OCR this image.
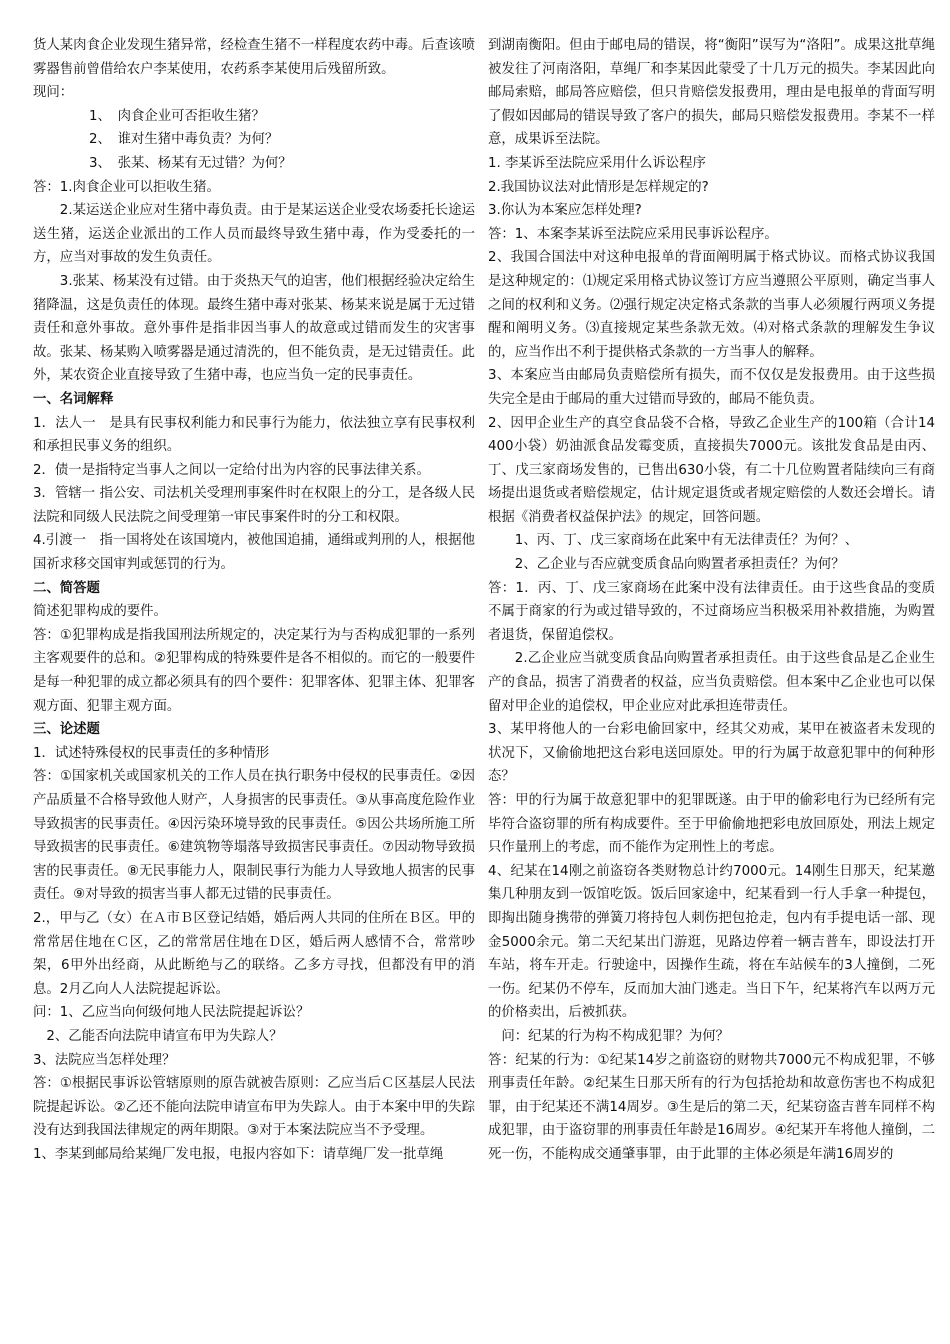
货人某肉食企业发现生猪异常，经检查生猪不一样程度农药中毒。后查该喷雾器售前曾借给农户李某使用，农药系李某使用后残留所致。

现问：

1、　肉食企业可否拒收生猪？

2、　谁对生猪中毒负责？为何？

3、　张某、杨某有无过错？为何？

答：1.肉食企业可以拒收生猪。

2.某运送企业应对生猪中毒负责。由于是某运送企业受农场委托长途运送生猪，运送企业派出的工作人员而最终导致生猪中毒，作为受委托的一方，应当对事故的发生负责任。

3.张某、杨某没有过错。由于炎热天气的迫害，他们根据经验决定给生猪降温，这是负责任的体现。最终生猪中毒对张某、杨某来说是属于无过错责任和意外事故。意外事件是指非因当事人的故意或过错而发生的灾害事故。张某、杨某购入喷雾器是通过清洗的，但不能负责，是无过错责任。此外，某农资企业直接导致了生猪中毒，也应当负一定的民事责任。

一、名词解释

1．法人一　是具有民事权利能力和民事行为能力，依法独立享有民事权利和承担民事义务的组织。

2．债一是指特定当事人之间以一定给付出为内容的民事法律关系。

3．管辖一 指公安、司法机关受理刑事案件时在权限上的分工，是各级人民法院和同级人民法院之间受理第一审民事案件时的分工和权限。

4.引渡一　指一国将处在该国境内，被他国追捕，通缉或判刑的人，根据他国祈求移交国审判或惩罚的行为。

二、简答题

简述犯罪构成的要件。

答：①犯罪构成是指我国刑法所规定的，决定某行为与否构成犯罪的一系列主客观要件的总和。②犯罪构成的特殊要件是各不相似的。而它的一般要件是每一种犯罪的成立都必须具有的四个要件：犯罪客体、犯罪主体、犯罪客观方面、犯罪主观方面。

三、论述题

1．试述特殊侵权的民事责任的多种情形

答：①国家机关或国家机关的工作人员在执行职务中侵权的民事责任。②因产品质量不合格导致他人财产，人身损害的民事责任。③从事高度危险作业导致损害的民事责任。④因污染环境导致的民事责任。⑤因公共场所施工所导致损害的民事责任。⑥建筑物等塌落导致损害民事责任。⑦因动物导致损害的民事责任。⑧无民事能力人，限制民事行为能力人导致地人损害的民事责任。⑨对导致的损害当事人都无过错的民事责任。

2.，甲与乙（女）在Ａ市Ｂ区登记结婚，婚后两人共同的住所在Ｂ区。甲的常常居住地在Ｃ区，乙的常常居住地在Ｄ区，婚后两人感情不合，常常吵架，6甲外出经商，从此断绝与乙的联络。乙多方寻找，但都没有甲的消息。2月乙向人人法院提起诉讼。

问：1、乙应当向何级何地人民法院提起诉讼？

2、乙能否向法院申请宣布甲为失踪人？

3、法院应当怎样处理？

答：①根据民事诉讼管辖原则的原告就被告原则：乙应当后Ｃ区基层人民法院提起诉讼。②乙还不能向法院申请宣布甲为失踪人。由于本案中甲的失踪没有达到我国法律规定的两年期限。③对于本案法院应当不予受理。

1、李某到邮局给某绳厂发电报，电报内容如下：请草绳厂发一批草绳

到湖南衡阳。但由于邮电局的错误，将“衡阳”误写为“洛阳”。成果这批草绳被发往了河南洛阳，草绳厂和李某因此蒙受了十几万元的损失。李某因此向邮局索赔，邮局答应赔偿，但只肯赔偿发报费用，理由是电报单的背面写明了假如因邮局的错误导致了客户的损失，邮局只赔偿发报费用。李某不一样意，成果诉至法院。

1. 李某诉至法院应采用什么诉讼程序

2.我国协议法对此情形是怎样规定的?

3.你认为本案应怎样处理?

答：1、本案李某诉至法院应采用民事诉讼程序。

2、我国合国法中对这种电报单的背面阐明属于格式协议。而格式协议我国是这种规定的：⑴规定采用格式协议签订方应当遵照公平原则，确定当事人之间的权利和义务。⑵强行规定决定格式条款的当事人必须履行两项义务提醒和阐明义务。⑶直接规定某些条款无效。⑷对格式条款的理解发生争议的，应当作出不利于提供格式条款的一方当事人的解释。

3、本案应当由邮局负责赔偿所有损失，而不仅仅是发报费用。由于这些损失完全是由于邮局的重大过错而导致的，邮局不能负责。

2、因甲企业生产的真空食品袋不合格，导致乙企业生产的100箱（合计14400小袋）奶油派食品发霉变质，直接损失7000元。该批发食品是由丙、丁、戊三家商场发售的，已售出630小袋，有二十几位购置者陆续向三有商场提出退货或者赔偿规定，估计规定退货或者规定赔偿的人数还会增长。请根据《消费者权益保护法》的规定，回答问题。

1、丙、丁、戊三家商场在此案中有无法律责任？为何？、

2、乙企业与否应就变质食品向购置者承担责任？为何？

答：1．丙、丁、戊三家商场在此案中没有法律责任。由于这些食品的变质不属于商家的行为或过错导致的，不过商场应当积极采用补救措施，为购置者退货，保留追偿权。

2.乙企业应当就变质食品向购置者承担责任。由于这些食品是乙企业生产的食品，损害了消费者的权益，应当负责赔偿。但本案中乙企业也可以保留对甲企业的追偿权，甲企业应对此承担连带责任。

3、某甲将他人的一台彩电偷回家中，经其父劝戒，某甲在被盗者未发现的状况下，又偷偷地把这台彩电送回原处。甲的行为属于故意犯罪中的何种形态？

答：甲的行为属于故意犯罪中的犯罪既遂。由于甲的偷彩电行为已经所有完毕符合盗窃罪的所有构成要件。至于甲偷偷地把彩电放回原处，刑法上规定只作量刑上的考虑，而不能作为定刑性上的考虑。

4、纪某在14刚之前盗窃各类财物总计约7000元。14刚生日那天，纪某邀集几种朋友到一饭馆吃饭。饭后回家途中，纪某看到一行人手拿一种提包，即掏出随身携带的弹簧刀将持包人刺伤把包抢走，包内有手提电话一部、现金5000余元。第二天纪某出门游逛，见路边停着一辆吉普车，即设法打开车站，将车开走。行驶途中，因操作生疏，将在车站候车的3人撞倒，二死一伤。纪某仍不停车，反而加大油门逃走。当日下午，纪某将汽车以两万元的价格卖出，后被抓获。

问：纪某的行为构不构成犯罪？为何？

答：纪某的行为：①纪某14岁之前盗窃的财物共7000元不构成犯罪，不够刑事责任年龄。②纪某生日那天所有的行为包括抢劫和故意伤害也不构成犯罪，由于纪某还不满14周岁。③生是后的第二天，纪某窃盗吉普车同样不构成犯罪，由于盗窃罪的刑事责任年龄是16周岁。④纪某开车将他人撞倒，二死一伤，不能构成交通肇事罪，由于此罪的主体必须是年满16周岁的
